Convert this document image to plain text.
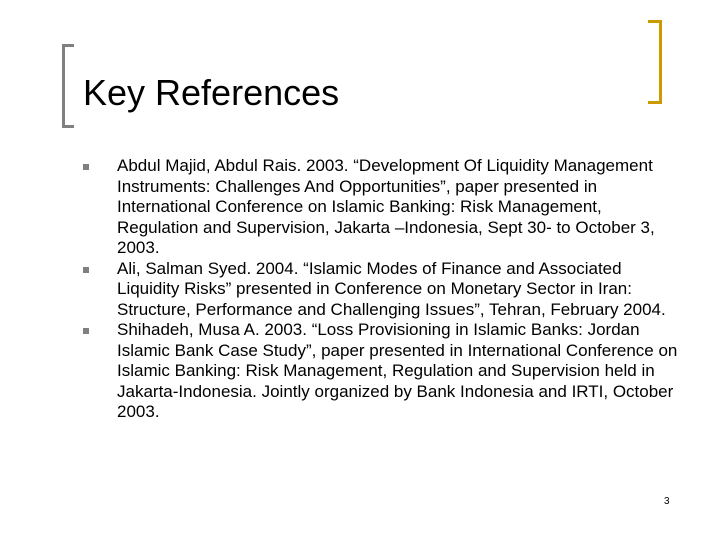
Key References
Abdul Majid, Abdul Rais. 2003. “Development Of Liquidity Management Instruments: Challenges And Opportunities”, paper presented in International Conference on Islamic Banking: Risk Management, Regulation and Supervision, Jakarta –Indonesia, Sept 30- to October 3, 2003.
Ali, Salman Syed. 2004. “Islamic Modes of Finance and Associated Liquidity Risks” presented in Conference on Monetary Sector in Iran: Structure, Performance and Challenging Issues”, Tehran, February 2004.
Shihadeh, Musa A. 2003. “Loss Provisioning in Islamic Banks: Jordan Islamic Bank Case Study”, paper presented in International Conference on Islamic Banking: Risk Management, Regulation and Supervision held in Jakarta-Indonesia. Jointly organized by Bank Indonesia and IRTI, October 2003.
3
